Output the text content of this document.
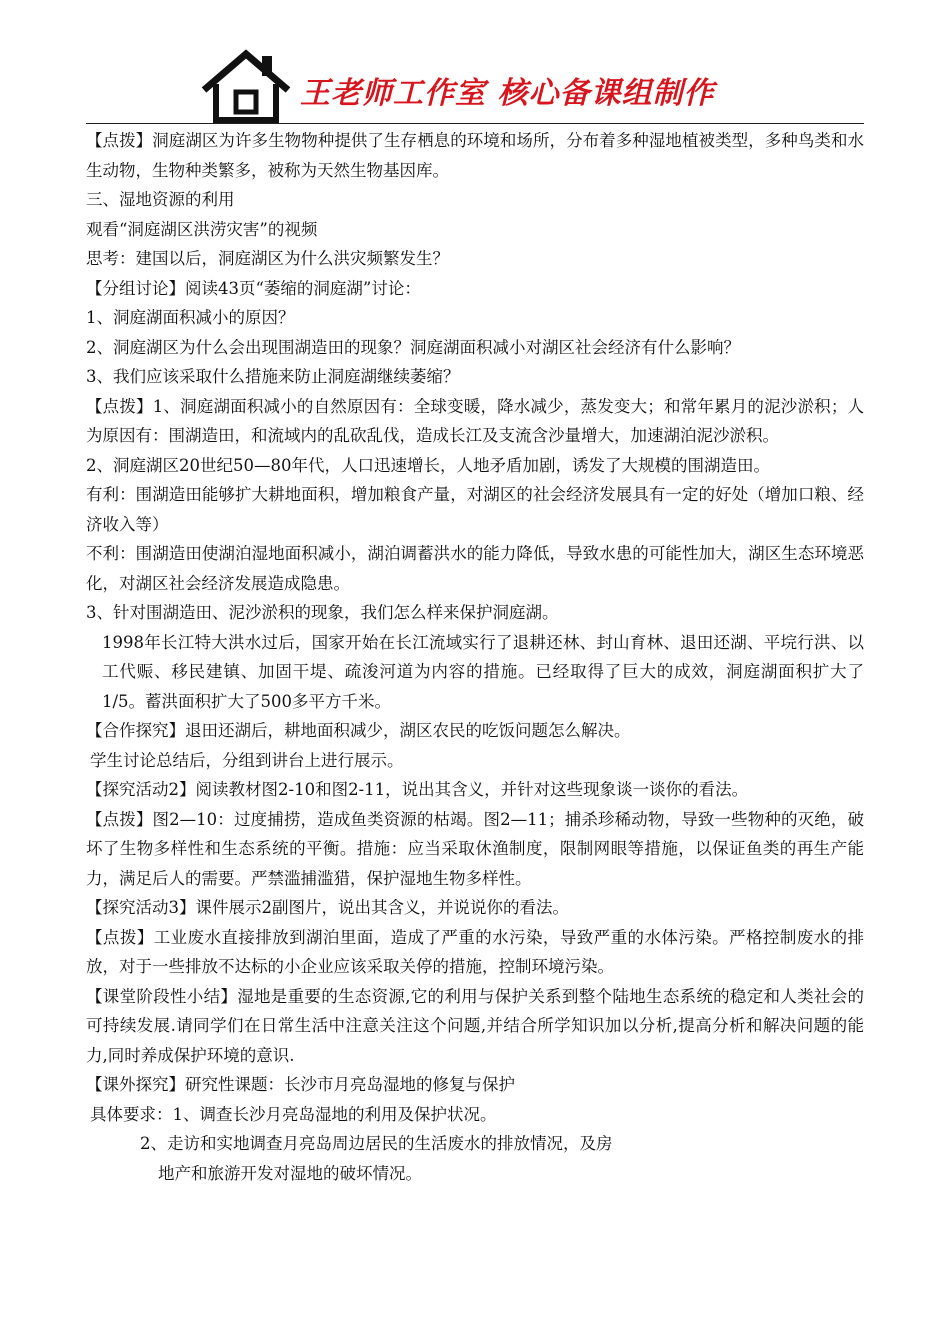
王老师工作室 核心备课组制作

【点拨】洞庭湖区为许多生物物种提供了生存栖息的环境和场所，分布着多种湿地植被类型，多种鸟类和水生动物，生物种类繁多，被称为天然生物基因库。

三、湿地资源的利用

观看“洞庭湖区洪涝灾害”的视频

思考：建国以后，洞庭湖区为什么洪灾频繁发生？

【分组讨论】阅读43页“萎缩的洞庭湖”讨论：

1、洞庭湖面积减小的原因？

2、洞庭湖区为什么会出现围湖造田的现象？洞庭湖面积减小对湖区社会经济有什么影响？

3、我们应该采取什么措施来防止洞庭湖继续萎缩？

【点拨】1、洞庭湖面积减小的自然原因有：全球变暖，降水减少，蒸发变大；和常年累月的泥沙淤积；人为原因有：围湖造田，和流域内的乱砍乱伐，造成长江及支流含沙量增大，加速湖泊泥沙淤积。

2、洞庭湖区20世纪50—80年代，人口迅速增长，人地矛盾加剧，诱发了大规模的围湖造田。

有利：围湖造田能够扩大耕地面积，增加粮食产量，对湖区的社会经济发展具有一定的好处（增加口粮、经济收入等）

不利：围湖造田使湖泊湿地面积减小，湖泊调蓄洪水的能力降低，导致水患的可能性加大，湖区生态环境恶化，对湖区社会经济发展造成隐患。

3、针对围湖造田、泥沙淤积的现象，我们怎么样来保护洞庭湖。

1998年长江特大洪水过后，国家开始在长江流域实行了退耕还林、封山育林、退田还湖、平垸行洪、以工代赈、移民建镇、加固干堤、疏浚河道为内容的措施。已经取得了巨大的成效，洞庭湖面积扩大了1/5。蓄洪面积扩大了500多平方千米。

【合作探究】退田还湖后，耕地面积减少，湖区农民的吃饭问题怎么解决。

学生讨论总结后，分组到讲台上进行展示。

【探究活动2】阅读教材图2-10和图2-11，说出其含义，并针对这些现象谈一谈你的看法。

【点拨】图2—10：过度捕捞，造成鱼类资源的枯竭。图2—11；捕杀珍稀动物，导致一些物种的灭绝，破坏了生物多样性和生态系统的平衡。措施：应当采取休渔制度，限制网眼等措施，以保证鱼类的再生产能力，满足后人的需要。严禁滥捕滥猎，保护湿地生物多样性。

【探究活动3】课件展示2副图片，说出其含义，并说说你的看法。

【点拨】工业废水直接排放到湖泊里面，造成了严重的水污染，导致严重的水体污染。严格控制废水的排放，对于一些排放不达标的小企业应该采取关停的措施，控制环境污染。

【课堂阶段性小结】湿地是重要的生态资源,它的利用与保护关系到整个陆地生态系统的稳定和人类社会的可持续发展.请同学们在日常生活中注意关注这个问题,并结合所学知识加以分析,提高分析和解决问题的能力,同时养成保护环境的意识.

【课外探究】研究性课题：长沙市月亮岛湿地的修复与保护

具体要求：1、调查长沙月亮岛湿地的利用及保护状况。

2、走访和实地调查月亮岛周边居民的生活废水的排放情况，及房

地产和旅游开发对湿地的破坏情况。
